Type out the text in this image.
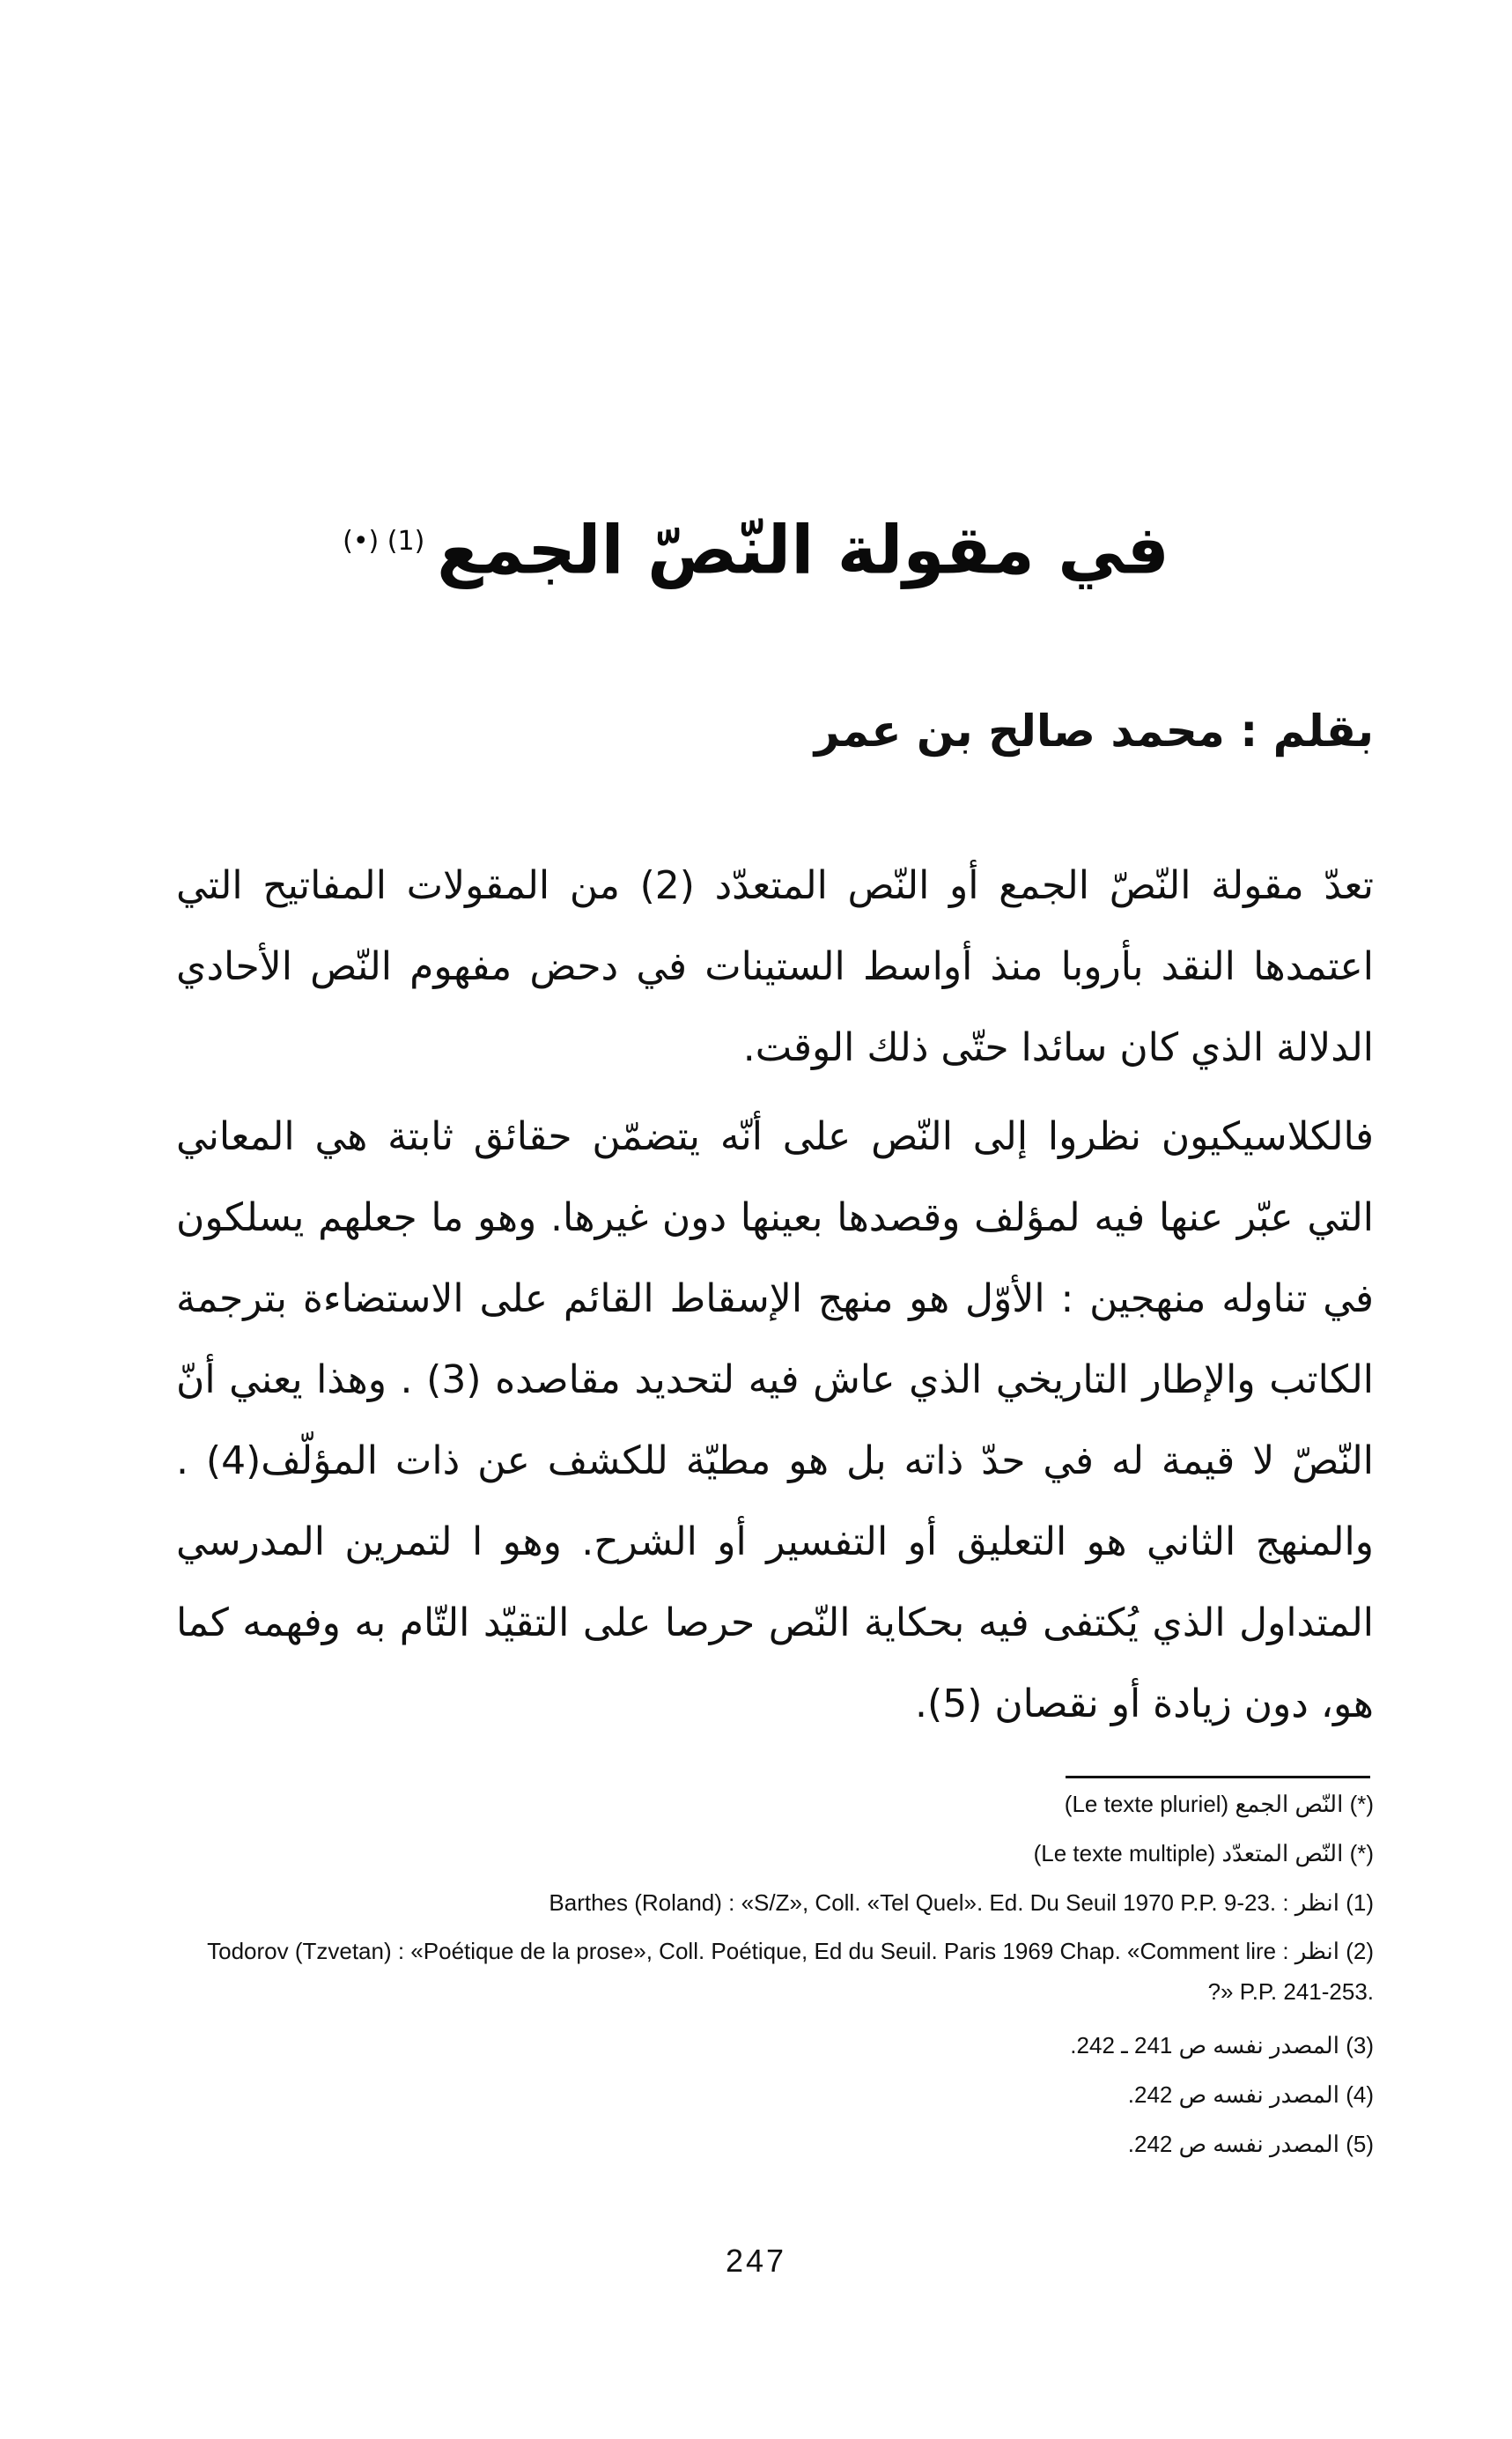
في مقولة النّصّ الجمع$^{(1) (•)}$
بقلم : محمد صالح بن عمر

تعدّ مقولة النّصّ الجمع أو النّص المتعدّد (2) من المقولات المفاتيح التي اعتمدها النقد بأروبا منذ أواسط الستينات في دحض مفهوم النّص الأحادي الدلالة الذي كان سائدا حتّى ذلك الوقت.

فالكلاسيكيون نظروا إلى النّص على أنّه يتضمّن حقائق ثابتة هي المعاني التي عبّر عنها فيه لمؤلف وقصدها بعينها دون غيرها. وهو ما جعلهم يسلكون في تناوله منهجين : الأوّل هو منهج الإسقاط القائم على الاستضاءة بترجمة الكاتب والإطار التاريخي الذي عاش فيه لتحديد مقاصده (3) . وهذا يعني أنّ النّصّ لا قيمة له في حدّ ذاته بل هو مطيّة للكشف عن ذات المؤلّف(4) . والمنهج الثاني هو التعليق أو التفسير أو الشرح. وهو ا لتمرين المدرسي المتداول الذي يُكتفى فيه بحكاية النّص حرصا على التقيّد التّام به وفهمه كما هو، دون زيادة أو نقصان (5).

(*) النّص الجمع (Le texte pluriel)
(*) النّص المتعدّد (Le texte multiple)
(1) انظر : Barthes (Roland) : «S/Z», Coll. «Tel Quel». Ed. Du Seuil 1970 P.P. 9-23.
(2) انظر : Todorov (Tzvetan) : «Poétique de la prose», Coll. Poétique, Ed du Seuil. Paris 1969 Chap. «Comment lire ?» P.P. 241-253.
(3) المصدر نفسه ص 241 ـ 242.
(4) المصدر نفسه ص 242.
(5) المصدر نفسه ص 242.
247
